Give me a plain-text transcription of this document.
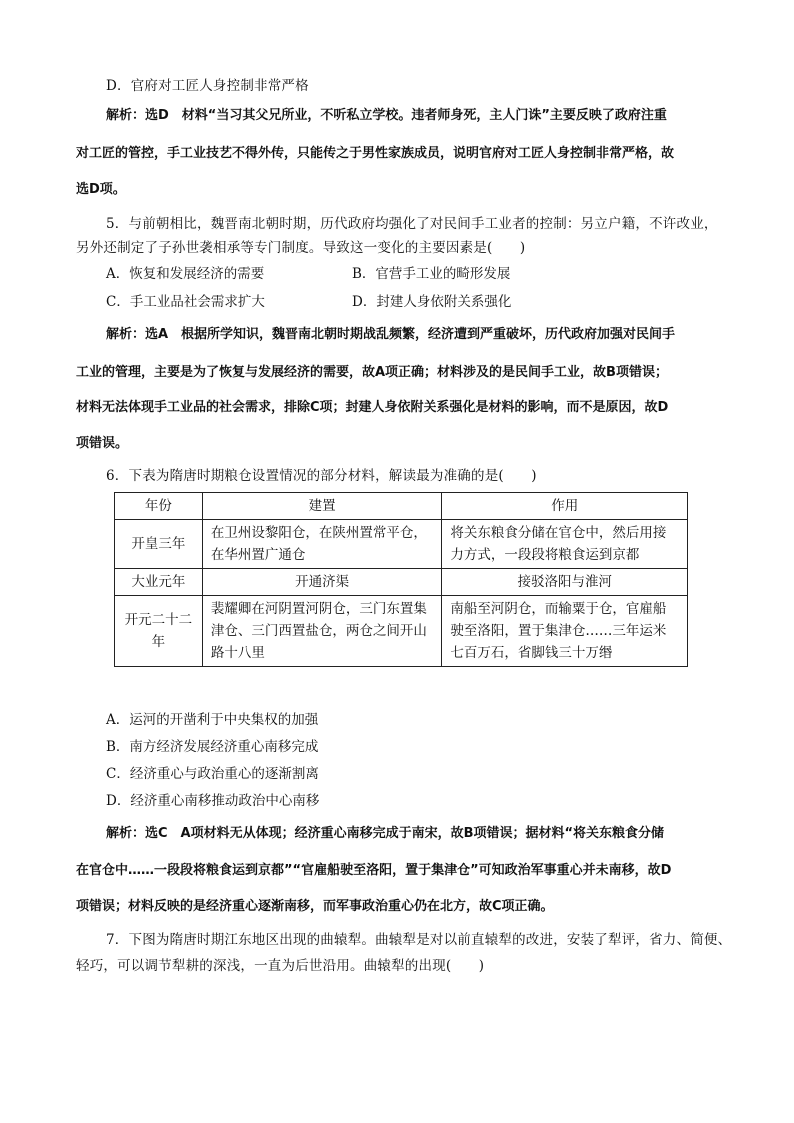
D．官府对工匠人身控制非常严格
解析：选D　材料“当习其父兄所业，不听私立学校。违者师身死，主人门诛”主要反映了政府注重
对工匠的管控，手工业技艺不得外传，只能传之于男性家族成员，说明官府对工匠人身控制非常严格，故
选D项。
5．与前朝相比，魏晋南北朝时期，历代政府均强化了对民间手工业者的控制：另立户籍，不许改业，
另外还制定了子孙世袭相承等专门制度。导致这一变化的主要因素是(　　)
A．恢复和发展经济的需要	B．官营手工业的畸形发展
C．手工业品社会需求扩大	D．封建人身依附关系强化
解析：选A　根据所学知识，魏晋南北朝时期战乱频繁，经济遭到严重破坏，历代政府加强对民间手
工业的管理，主要是为了恢复与发展经济的需要，故A项正确；材料涉及的是民间手工业，故B项错误；
材料无法体现手工业品的社会需求，排除C项；封建人身依附关系强化是材料的影响，而不是原因，故D
项错误。
6．下表为隋唐时期粮仓设置情况的部分材料，解读最为准确的是(　　)
年份	建置	作用
开皇三年	在卫州设黎阳仓，在陕州置常平仓，在华州置广通仓	将关东粮食分储在官仓中，然后用接力方式，一段段将粮食运到京都
大业元年	开通济渠	接驳洛阳与淮河
开元二十二年	裴耀卿在河阴置河阴仓，三门东置集津仓、三门西置盐仓，两仓之间开山路十八里	南船至河阴仓，而输粟于仓，官雇船驶至洛阳，置于集津仓……三年运米七百万石，省脚钱三十万缗
A．运河的开凿利于中央集权的加强
B．南方经济发展经济重心南移完成
C．经济重心与政治重心的逐渐割离
D．经济重心南移推动政治中心南移
解析：选C　A项材料无从体现；经济重心南移完成于南宋，故B项错误；据材料“将关东粮食分储
在官仓中……一段段将粮食运到京都”“官雇船驶至洛阳，置于集津仓”可知政治军事重心并未南移，故D
项错误；材料反映的是经济重心逐渐南移，而军事政治重心仍在北方，故C项正确。
7．下图为隋唐时期江东地区出现的曲辕犁。曲辕犁是对以前直辕犁的改进，安装了犁评，省力、简便、
轻巧，可以调节犁耕的深浅，一直为后世沿用。曲辕犁的出现(　　)
